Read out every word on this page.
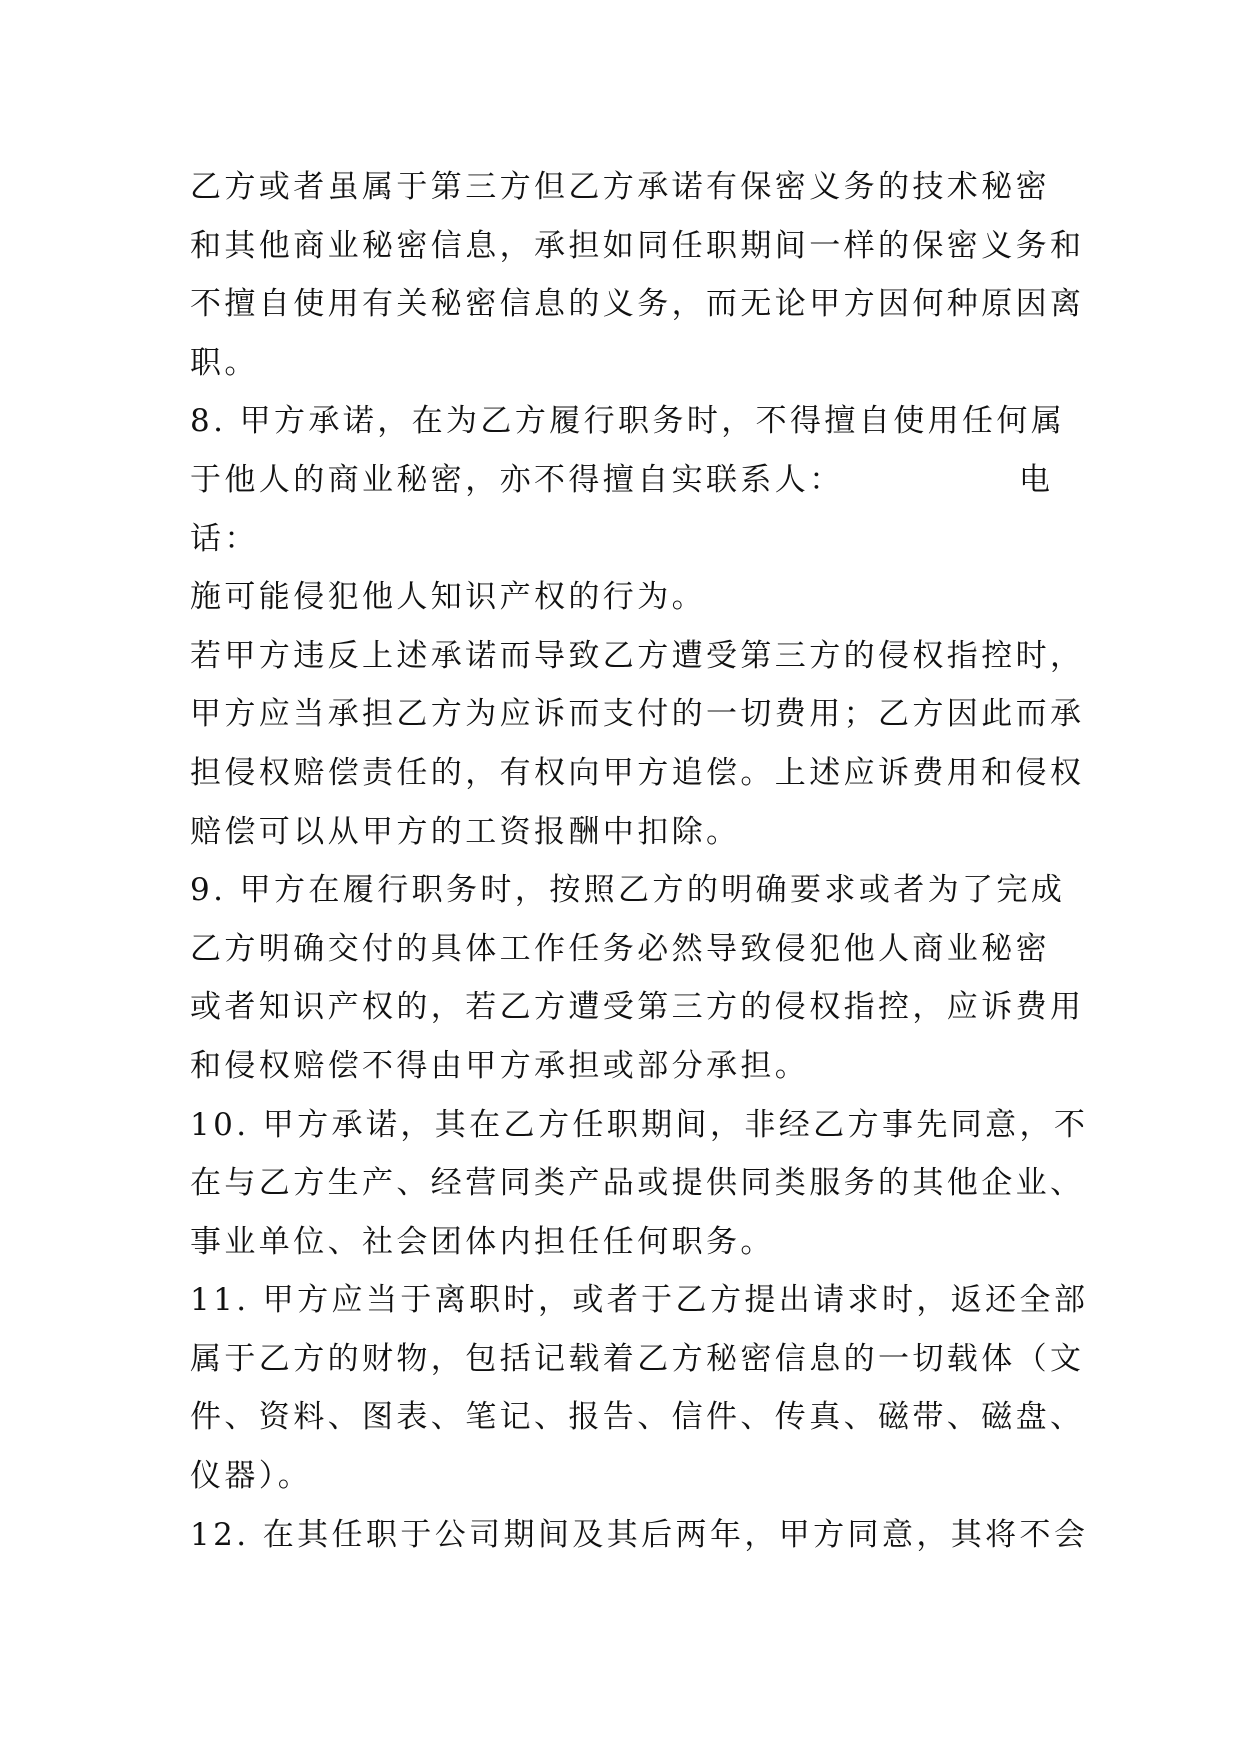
乙方或者虽属于第三方但乙方承诺有保密义务的技术秘密
和其他商业秘密信息，承担如同任职期间一样的保密义务和
不擅自使用有关秘密信息的义务，而无论甲方因何种原因离
职。
8. 甲方承诺，在为乙方履行职务时，不得擅自使用任何属
于他人的商业秘密，亦不得擅自实联系人：	电
话：
施可能侵犯他人知识产权的行为。
若甲方违反上述承诺而导致乙方遭受第三方的侵权指控时，
甲方应当承担乙方为应诉而支付的一切费用；乙方因此而承
担侵权赔偿责任的，有权向甲方追偿。上述应诉费用和侵权
赔偿可以从甲方的工资报酬中扣除。
9. 甲方在履行职务时，按照乙方的明确要求或者为了完成
乙方明确交付的具体工作任务必然导致侵犯他人商业秘密
或者知识产权的，若乙方遭受第三方的侵权指控，应诉费用
和侵权赔偿不得由甲方承担或部分承担。
10. 甲方承诺，其在乙方任职期间，非经乙方事先同意，不
在与乙方生产、经营同类产品或提供同类服务的其他企业、
事业单位、社会团体内担任任何职务。
11. 甲方应当于离职时，或者于乙方提出请求时，返还全部
属于乙方的财物，包括记载着乙方秘密信息的一切载体（文
件、资料、图表、笔记、报告、信件、传真、磁带、磁盘、
仪器）。
12. 在其任职于公司期间及其后两年，甲方同意，其将不会
